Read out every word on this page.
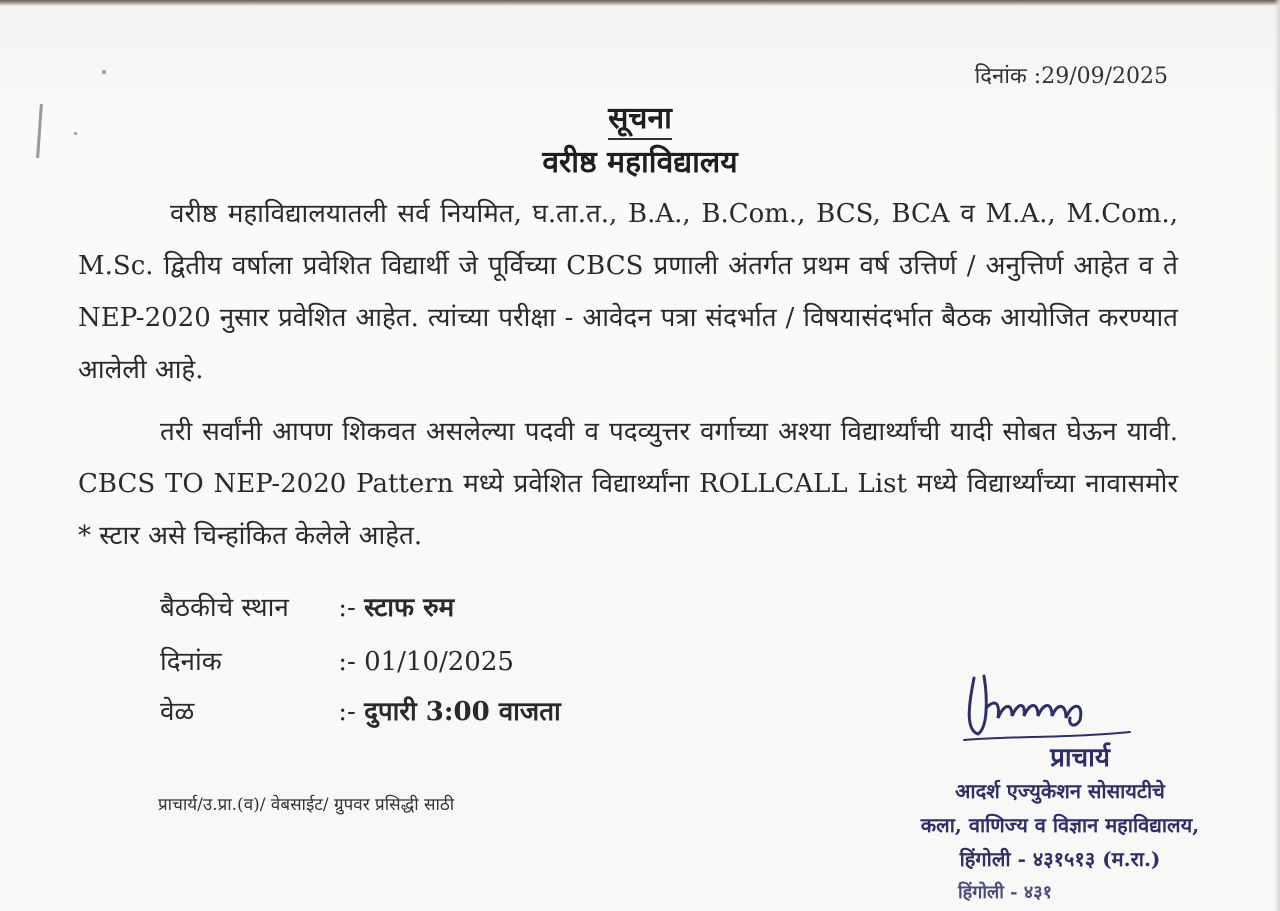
दिनांक :29/09/2025
सूचना
वरीष्ठ महाविद्यालय
वरीष्ठ महाविद्यालयातली सर्व नियमित, घ.ता.त., B.A., B.Com., BCS, BCA व M.A., M.Com., M.Sc. द्वितीय वर्षाला प्रवेशित विद्यार्थी जे पूर्विच्या CBCS प्रणाली अंतर्गत प्रथम वर्ष उत्तिर्ण / अनुत्तिर्ण आहेत व ते NEP-2020 नुसार प्रवेशित आहेत. त्यांच्या परीक्षा - आवेदन पत्रा संदर्भात / विषयासंदर्भात बैठक आयोजित करण्यात आलेली आहे.
तरी सर्वांनी आपण शिकवत असलेल्या पदवी व पदव्युत्तर वर्गाच्या अश्या विद्यार्थ्यांची यादी सोबत घेऊन यावी. CBCS TO NEP-2020 Pattern मध्ये प्रवेशित विद्यार्थ्यांना ROLLCALL List मध्ये विद्यार्थ्यांच्या नावासमोर * स्टार असे चिन्हांकित केलेले आहेत.
बैठकीचे स्थान :- स्टाफ रुम
दिनांक	:- 01/10/2025
वेळ	:- दुपारी 3:00 वाजता
प्राचार्य/उ.प्रा.(व)/ वेबसाईट/ ग्रुपवर प्रसिद्धी साठी
प्राचार्य
आदर्श एज्युकेशन सोसायटीचे
कला, वाणिज्य व विज्ञान महाविद्यालय,
हिंगोली - ४३१५१३ (म.रा.)
हिंगोली - ४३१
